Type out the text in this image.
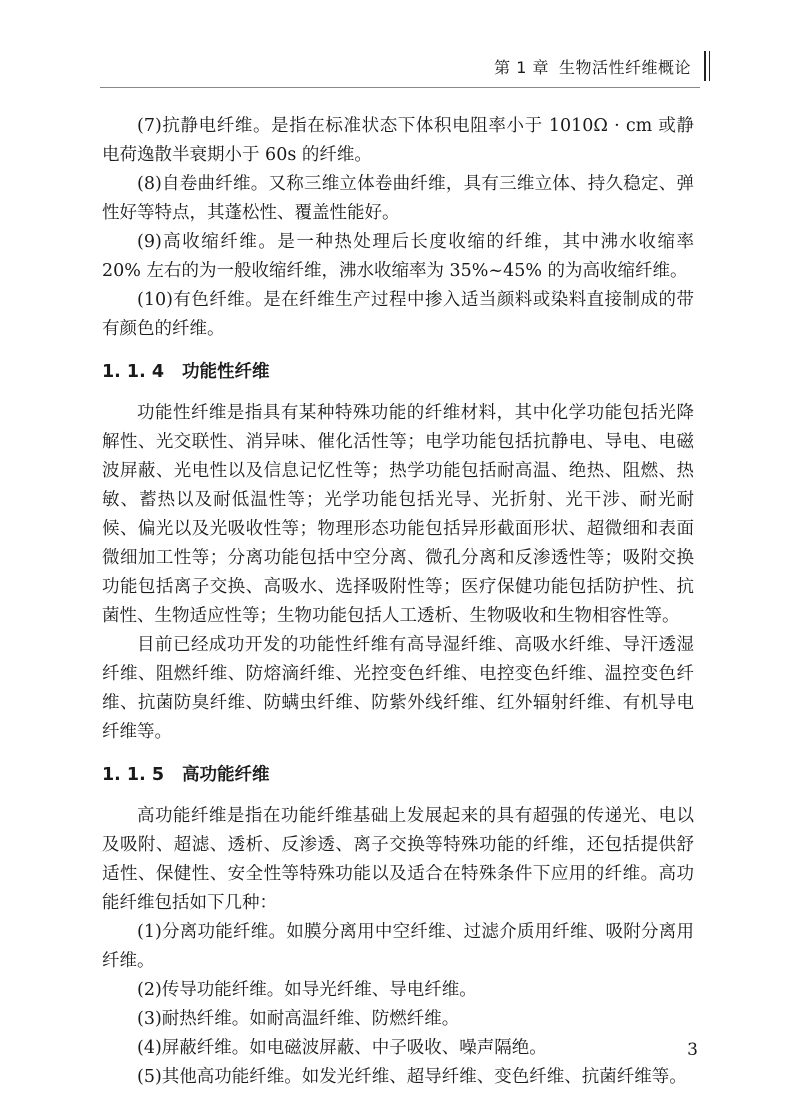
第 1 章 生物活性纤维概论

(7)抗静电纤维。是指在标准状态下体积电阻率小于 1010Ω · cm 或静电荷逸散半衰期小于 60s 的纤维。

(8)自卷曲纤维。又称三维立体卷曲纤维，具有三维立体、持久稳定、弹性好等特点，其蓬松性、覆盖性能好。

(9)高收缩纤维。是一种热处理后长度收缩的纤维，其中沸水收缩率 20% 左右的为一般收缩纤维，沸水收缩率为 35%~45% 的为高收缩纤维。

(10)有色纤维。是在纤维生产过程中掺入适当颜料或染料直接制成的带有颜色的纤维。

1. 1. 4 功能性纤维

功能性纤维是指具有某种特殊功能的纤维材料，其中化学功能包括光降解性、光交联性、消异味、催化活性等；电学功能包括抗静电、导电、电磁波屏蔽、光电性以及信息记忆性等；热学功能包括耐高温、绝热、阻燃、热敏、蓄热以及耐低温性等；光学功能包括光导、光折射、光干涉、耐光耐候、偏光以及光吸收性等；物理形态功能包括异形截面形状、超微细和表面微细加工性等；分离功能包括中空分离、微孔分离和反渗透性等；吸附交换功能包括离子交换、高吸水、选择吸附性等；医疗保健功能包括防护性、抗菌性、生物适应性等；生物功能包括人工透析、生物吸收和生物相容性等。

目前已经成功开发的功能性纤维有高导湿纤维、高吸水纤维、导汗透湿纤维、阻燃纤维、防熔滴纤维、光控变色纤维、电控变色纤维、温控变色纤维、抗菌防臭纤维、防螨虫纤维、防紫外线纤维、红外辐射纤维、有机导电纤维等。

1. 1. 5 高功能纤维

高功能纤维是指在功能纤维基础上发展起来的具有超强的传递光、电以及吸附、超滤、透析、反渗透、离子交换等特殊功能的纤维，还包括提供舒适性、保健性、安全性等特殊功能以及适合在特殊条件下应用的纤维。高功能纤维包括如下几种：

(1)分离功能纤维。如膜分离用中空纤维、过滤介质用纤维、吸附分离用纤维。

(2)传导功能纤维。如导光纤维、导电纤维。

(3)耐热纤维。如耐高温纤维、防燃纤维。

(4)屏蔽纤维。如电磁波屏蔽、中子吸收、噪声隔绝。

(5)其他高功能纤维。如发光纤维、超导纤维、变色纤维、抗菌纤维等。

3
